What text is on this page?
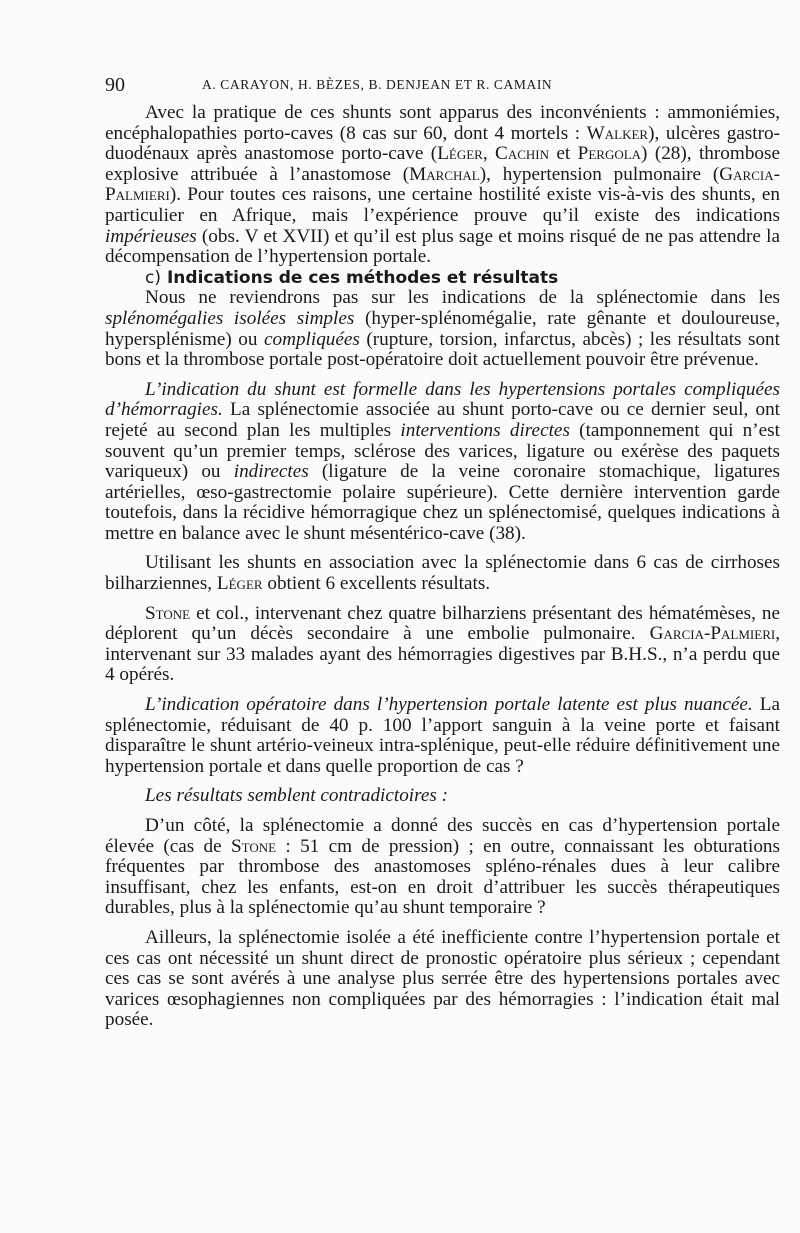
90	A. CARAYON, H. BÈZES, B. DENJEAN ET R. CAMAIN

Avec la pratique de ces shunts sont apparus des inconvénients : ammoniémies, encéphalopathies porto-caves (8 cas sur 60, dont 4 mortels : Walker), ulcères gastro-duodénaux après anastomose porto-cave (Léger, Cachin et Pergola) (28), thrombose explosive attribuée à l’anastomose (Marchal), hypertension pulmonaire (Garcia-Palmieri). Pour toutes ces raisons, une certaine hostilité existe vis-à-vis des shunts, en particulier en Afrique, mais l’expérience prouve qu’il existe des indications impérieuses (obs. V et XVII) et qu’il est plus sage et moins risqué de ne pas attendre la décompensation de l’hypertension portale.

c) Indications de ces méthodes et résultats

Nous ne reviendrons pas sur les indications de la splénectomie dans les splénomégalies isolées simples (hyper-splénomégalie, rate gênante et douloureuse, hypersplénisme) ou compliquées (rupture, torsion, infarctus, abcès) ; les résultats sont bons et la thrombose portale post-opératoire doit actuellement pouvoir être prévenue.

L’indication du shunt est formelle dans les hypertensions portales compliquées d’hémorragies. La splénectomie associée au shunt porto-cave ou ce dernier seul, ont rejeté au second plan les multiples interventions directes (tamponnement qui n’est souvent qu’un premier temps, sclérose des varices, ligature ou exérèse des paquets variqueux) ou indirectes (ligature de la veine coronaire stomachique, ligatures artérielles, œso-gastrectomie polaire supérieure). Cette dernière intervention garde toutefois, dans la récidive hémorragique chez un splénectomisé, quelques indications à mettre en balance avec le shunt mésentérico-cave (38).

Utilisant les shunts en association avec la splénectomie dans 6 cas de cirrhoses bilharziennes, Léger obtient 6 excellents résultats.

Stone et col., intervenant chez quatre bilharziens présentant des hématémèses, ne déplorent qu’un décès secondaire à une embolie pulmonaire. Garcia-Palmieri, intervenant sur 33 malades ayant des hémorragies digestives par B.H.S., n’a perdu que 4 opérés.

L’indication opératoire dans l’hypertension portale latente est plus nuancée. La splénectomie, réduisant de 40 p. 100 l’apport sanguin à la veine porte et faisant disparaître le shunt artério-veineux intra-splénique, peut-elle réduire définitivement une hypertension portale et dans quelle proportion de cas ?

Les résultats semblent contradictoires :

D’un côté, la splénectomie a donné des succès en cas d’hypertension portale élevée (cas de Stone : 51 cm de pression) ; en outre, connaissant les obturations fréquentes par thrombose des anastomoses spléno-rénales dues à leur calibre insuffisant, chez les enfants, est-on en droit d’attribuer les succès thérapeutiques durables, plus à la splénectomie qu’au shunt temporaire ?

Ailleurs, la splénectomie isolée a été inefficiente contre l’hypertension portale et ces cas ont nécessité un shunt direct de pronostic opératoire plus sérieux ; cependant ces cas se sont avérés à une analyse plus serrée être des hypertensions portales avec varices œsophagiennes non compliquées par des hémorragies : l’indication était mal posée.
